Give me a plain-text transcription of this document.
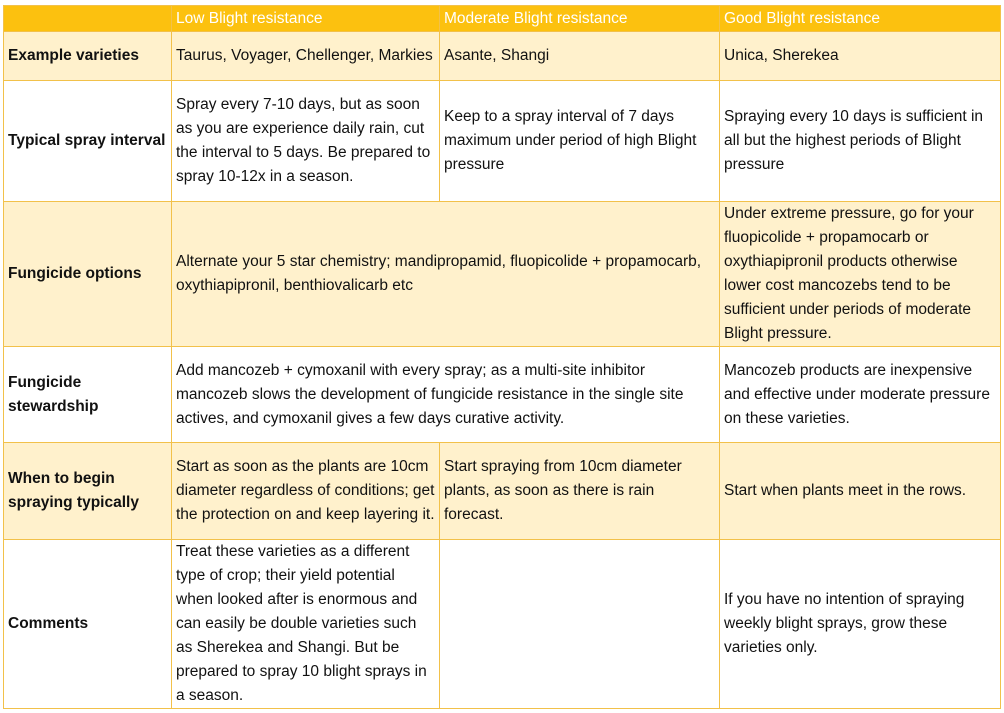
	Low Blight resistance	Moderate Blight resistance	Good Blight resistance
Example varieties	Taurus, Voyager, Chellenger, Markies	Asante, Shangi	Unica, Sherekea
Typical spray interval	Spray every 7-10 days, but as soon as you are experience daily rain, cut the interval to 5 days. Be prepared to spray 10-12x in a season.	Keep to a spray interval of 7 days maximum under period of high Blight pressure	Spraying every 10 days is sufficient in all but the highest periods of Blight pressure
Fungicide options	Alternate your 5 star chemistry; mandipropamid, fluopicolide + propamocarb, oxythiapipronil, benthiovalicarb etc		Under extreme pressure, go for your fluopicolide + propamocarb or oxythiapipronil products otherwise lower cost mancozebs tend to be sufficient under periods of moderate Blight pressure.
Fungicide stewardship	Add mancozeb + cymoxanil with every spray; as a multi-site inhibitor mancozeb slows the development of fungicide resistance in the single site actives, and cymoxanil gives a few days curative activity.		Mancozeb products are inexpensive and effective under moderate pressure on these varieties.
When to begin spraying typically	Start as soon as the plants are 10cm diameter regardless of conditions; get the protection on and keep layering it.	Start spraying from 10cm diameter plants, as soon as there is rain forecast.	Start when plants meet in the rows.
Comments	Treat these varieties as a different type of crop; their yield potential when looked after is enormous and can easily be double varieties such as Sherekea and Shangi. But be prepared to spray 10 blight sprays in a season.		If you have no intention of spraying weekly blight sprays, grow these varieties only.
